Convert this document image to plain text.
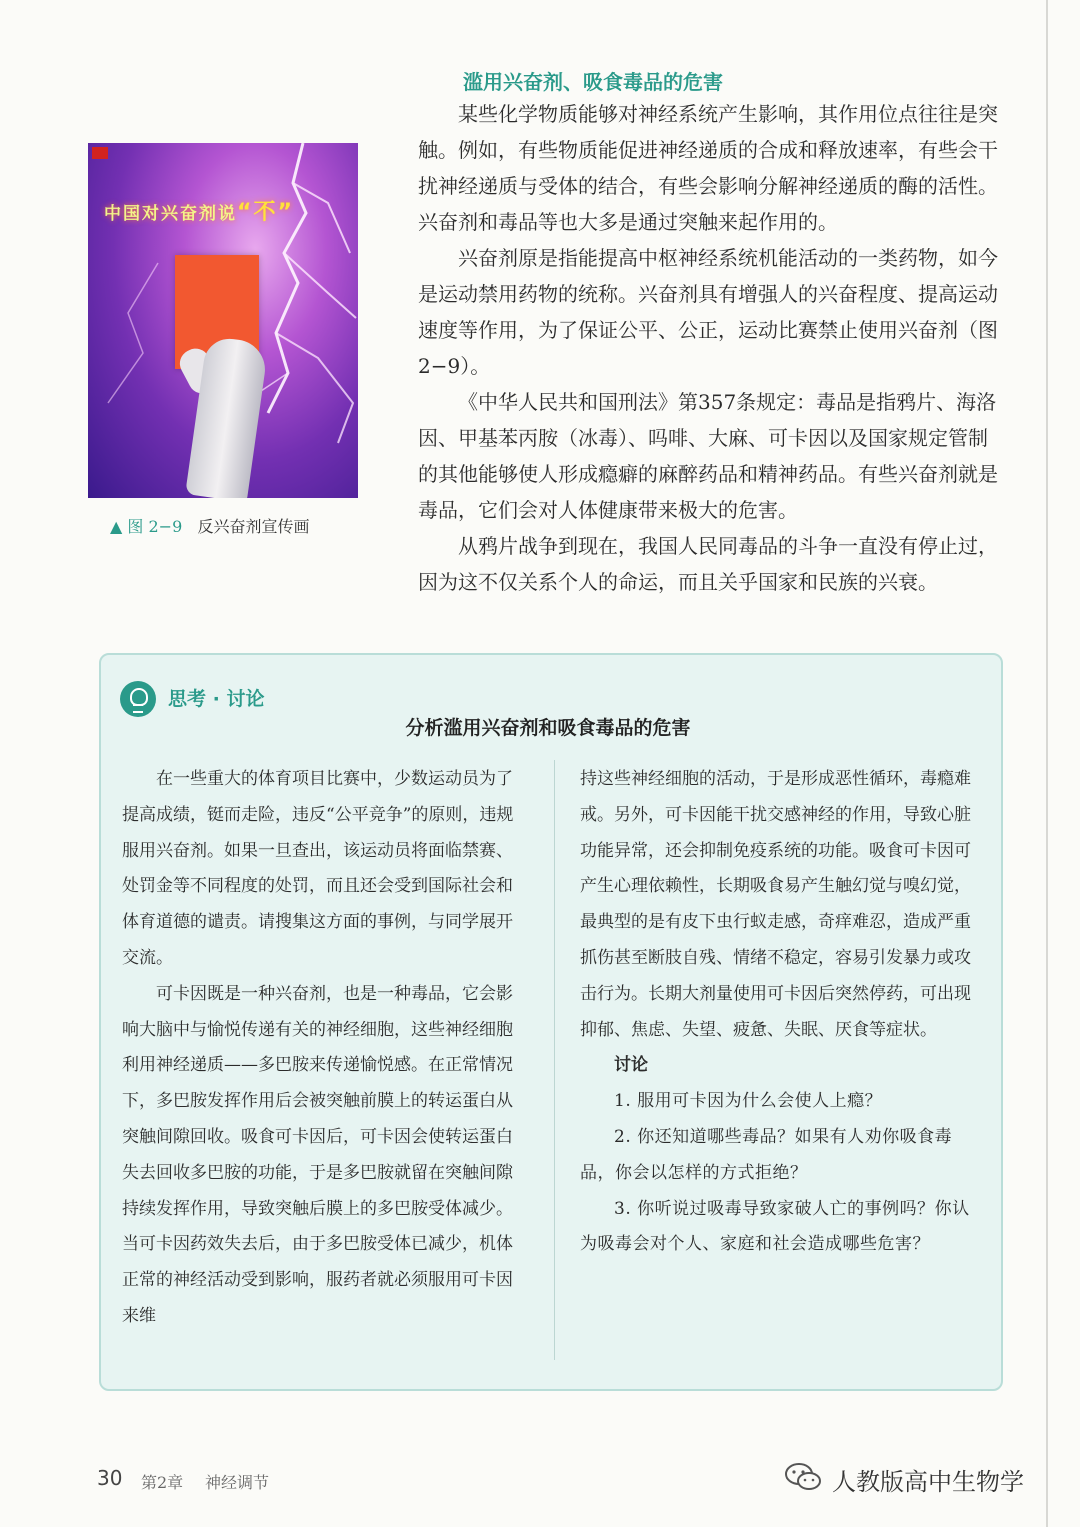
中国对兴奋剂说“不”
▲ 图 2−9 反兴奋剂宣传画
滥用兴奋剂、吸食毒品的危害

某些化学物质能够对神经系统产生影响，其作用位点往往是突触。例如，有些物质能促进神经递质的合成和释放速率，有些会干扰神经递质与受体的结合，有些会影响分解神经递质的酶的活性。兴奋剂和毒品等也大多是通过突触来起作用的。

兴奋剂原是指能提高中枢神经系统机能活动的一类药物，如今是运动禁用药物的统称。兴奋剂具有增强人的兴奋程度、提高运动速度等作用，为了保证公平、公正，运动比赛禁止使用兴奋剂（图2−9）。

《中华人民共和国刑法》第357条规定：毒品是指鸦片、海洛因、甲基苯丙胺（冰毒）、吗啡、大麻、可卡因以及国家规定管制的其他能够使人形成瘾癖的麻醉药品和精神药品。有些兴奋剂就是毒品，它们会对人体健康带来极大的危害。

从鸦片战争到现在，我国人民同毒品的斗争一直没有停止过，因为这不仅关系个人的命运，而且关乎国家和民族的兴衰。

思考 · 讨论
分析滥用兴奋剂和吸食毒品的危害

在一些重大的体育项目比赛中，少数运动员为了提高成绩，铤而走险，违反“公平竞争”的原则，违规服用兴奋剂。如果一旦查出，该运动员将面临禁赛、处罚金等不同程度的处罚，而且还会受到国际社会和体育道德的谴责。请搜集这方面的事例，与同学展开交流。

可卡因既是一种兴奋剂，也是一种毒品，它会影响大脑中与愉悦传递有关的神经细胞，这些神经细胞利用神经递质——多巴胺来传递愉悦感。在正常情况下，多巴胺发挥作用后会被突触前膜上的转运蛋白从突触间隙回收。吸食可卡因后，可卡因会使转运蛋白失去回收多巴胺的功能，于是多巴胺就留在突触间隙持续发挥作用，导致突触后膜上的多巴胺受体减少。当可卡因药效失去后，由于多巴胺受体已减少，机体正常的神经活动受到影响，服药者就必须服用可卡因来维

持这些神经细胞的活动，于是形成恶性循环，毒瘾难戒。另外，可卡因能干扰交感神经的作用，导致心脏功能异常，还会抑制免疫系统的功能。吸食可卡因可产生心理依赖性，长期吸食易产生触幻觉与嗅幻觉，最典型的是有皮下虫行蚁走感，奇痒难忍，造成严重抓伤甚至断肢自残、情绪不稳定，容易引发暴力或攻击行为。长期大剂量使用可卡因后突然停药，可出现抑郁、焦虑、失望、疲惫、失眠、厌食等症状。

讨论

1. 服用可卡因为什么会使人上瘾？

2. 你还知道哪些毒品？如果有人劝你吸食毒品，你会以怎样的方式拒绝？

3. 你听说过吸毒导致家破人亡的事例吗？你认为吸毒会对个人、家庭和社会造成哪些危害？

30 第2章 神经调节	人教版高中生物学
